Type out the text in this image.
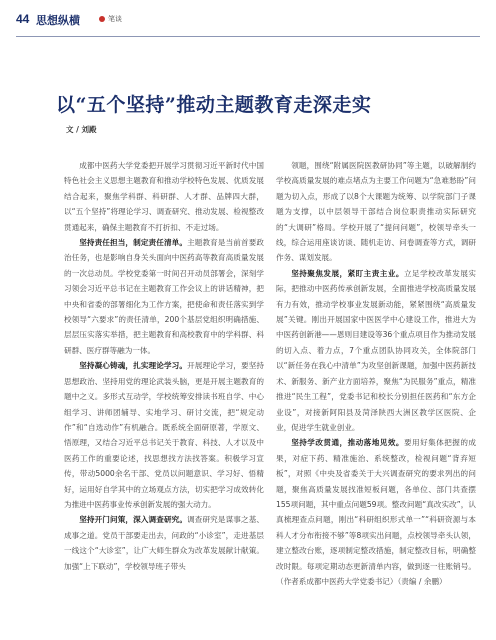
44 思想纵横	笔谈
以“五个坚持”推动主题教育走深走实
文 / 刘殿

成都中医药大学党委把开展学习贯彻习近平新时代中国特色社会主义思想主题教育和推动学校特色发展、优质发展结合起来，聚焦学科群、科研群、人才群、品牌四大群，以“五个坚持”将理论学习、调查研究、推动发展、检视整改贯通起来，确保主题教育不打折扣、不走过场。

坚持责任担当，制定责任清单。主题教育是当前首要政治任务，也是影响自身关头面向中医药高等教育高质量发展的一次总动员。学校党委第一时间召开动员部署会，深刻学习领会习近平总书记在主题教育工作会议上的讲话精神，把中央和省委的部署细化为工作方案，把使命和责任落实到学校领导“六要求”的责任清单，200个基层党组织明确措施、层层压实落实举措，把主题教育和高校教育中的学科群、科研群、医疗群等融为一体。

坚持凝心铸魂，扎实理论学习。开展理论学习，要坚持思想政治、坚持用党的理论武装头脑，更是开展主题教育的题中之义。多形式互动学，学校统筹安排读书班自学、中心组学习、讲师团辅导、实地学习、研讨交流，把“规定动作”和“自选动作”有机融合。既系统全面研原著，学原文、悟原理，又结合习近平总书记关于教育、科技、人才以及中医药工作的重要论述，找思想找方法找答案。积极学习宣传，带动5000余名干部、党员以问题意识、学习好、悟精好，运用好自学其中的立场观点方法，切实把学习成效转化为推进中医药事业传承创新发展的强大动力。

坚持开门问策，深入调查研究。调查研究是谋事之基、成事之道。党员干部要走出去，问政的“小诊室”，走进基层一线这个“大诊室”，让广大师生群众为改革发展献计献策。加强“上下联动”，学校领导班子带头

领题，围绕“附属医院医教研协同”等主题，以破解制约学校高质量发展的难点堵点为主要工作问题为“急难愁盼”问题为切入点，形成了以8个大课题为统筹、以学院部门子课题为支撑，以中层领导干部结合岗位职责推动实际研究的“大调研”格局。学校开展了“提问问题”，校领导牵头一线，综合运用座谈访谈、随机走访、问卷调查等方式，调研作务、谋划发展。

坚持聚焦发展，紧盯主责主业。立足学校改革发展实际，把推动中医药传承创新发展，全面推进学校高质量发展有力有效，推动学校事业发展新动能，紧紧围绕“高质量发展”关键。刚出开展国家中医医学中心建设工作，推进大为中医药创新港——恩则目建设等36个重点项目作为推动发展的切入点、着力点，7个重点团队协同攻关，全体院部门以“新任务在我心中清单”为攻坚创新课题，加强中医药新技术、新服务、新产业方面培养，聚焦“为民服务”重点，精准推进“民生工程”，党委书记和校长分别担任医药和“东方企业设”，对接新阿阳县及菏泽陕西大洲区教学区医院、企业，促进学生就业创业。

坚持学改贯通，推动落地见效。要用好集体把握的成果，对症下药、精准施治、系统整改，检视问题“背弃短板”，对照《中央及省委关于大兴调查研究的要求列出的问题，聚焦高质量发展找准短板问题，各单位、部门共查摆155项问题，其中重点问题59项。整改问题“真改实改”，认真梳理查点问题，刚出“科研组织形式单一”“科研资源与本科人才分布衔接不够”等8项实出问题，点校领导牵头认领，建立整改台账，逐项制定整改措施，制定整改目标，明确整改时限。每项定期动态更新清单内容，做到逐一往账销号。（作者系成都中医药大学党委书记）（责编 / 余鹏）
